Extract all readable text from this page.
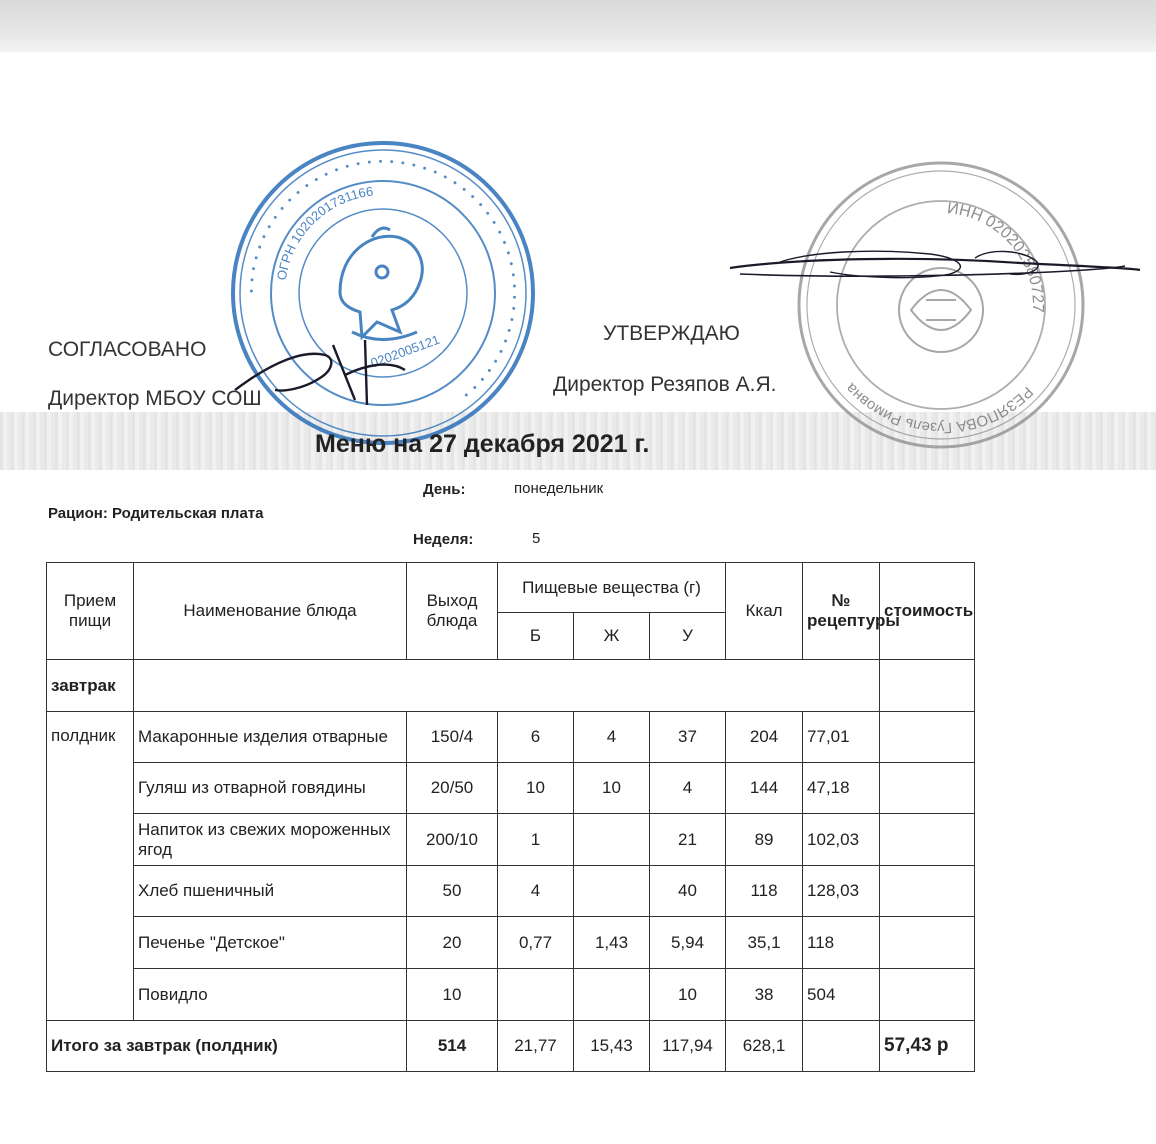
• • • • • • • • • • • • • • • • • • • • • • • • • • • • • • • • • • • • • • • • • • • • • • • •
ОГРН 1020201731166
0202005121
ИНН 020202580727
РЕЗЯПОВА Гузель Римовна
СОГЛАСОВАНО
Директор МБОУ СОШ
УТВЕРЖДАЮ
Директор Резяпов А.Я.
Меню на 27 декабря 2021 г.
День:	понедельник
Рацион: Родительская плата
Неделя:	5
Прием пищи	Наименование блюда	Выход блюда	Пищевые вещества (г)			Ккал	№ рецептуры	стоимость
			Б	Ж	У			
завтрак								
полдник	Макаронные изделия отварные	150/4	6	4	37	204	77,01	
	Гуляш из отварной говядины	20/50	10	10	4	144	47,18	
	Напиток из свежих мороженных ягод	200/10	1		21	89	102,03	
	Хлеб пшеничный	50	4		40	118	128,03	
	Печенье "Детское"	20	0,77	1,43	5,94	35,1	118	
	Повидло	10			10	38	504	
Итого за завтрак (полдник)		514	21,77	15,43	117,94	628,1		57,43 р
